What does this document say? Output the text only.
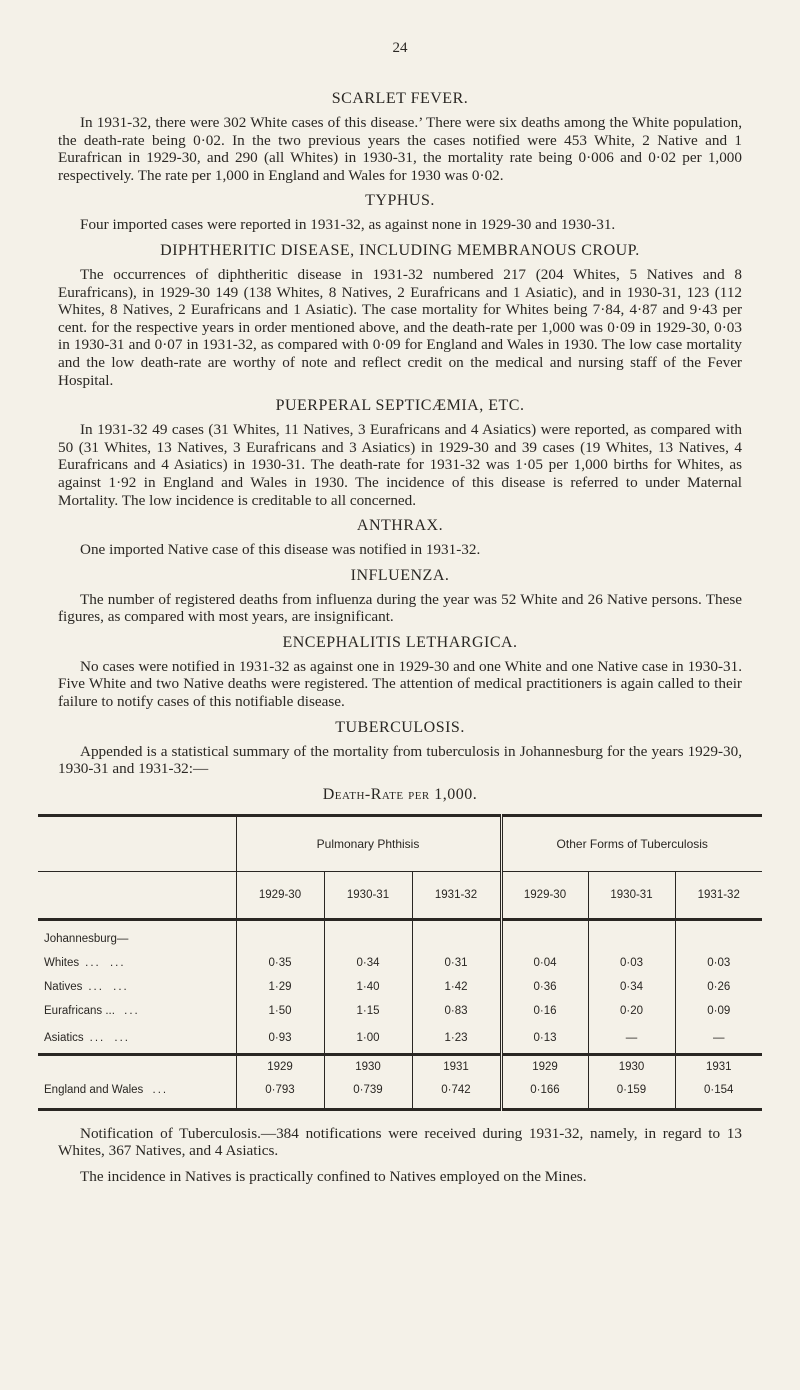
24
SCARLET FEVER.

In 1931-32, there were 302 White cases of this disease.’ There were six deaths among the White population, the death-rate being 0·02. In the two previous years the cases notified were 453 White, 2 Native and 1 Eurafrican in 1929-30, and 290 (all Whites) in 1930-31, the mortality rate being 0·006 and 0·02 per 1,000 respectively. The rate per 1,000 in England and Wales for 1930 was 0·02.

TYPHUS.

Four imported cases were reported in 1931-32, as against none in 1929-30 and 1930-31.

DIPHTHERITIC DISEASE, INCLUDING MEMBRANOUS CROUP.

The occurrences of diphtheritic disease in 1931-32 numbered 217 (204 Whites, 5 Natives and 8 Eurafricans), in 1929-30 149 (138 Whites, 8 Natives, 2 Eurafricans and 1 Asiatic), and in 1930-31, 123 (112 Whites, 8 Natives, 2 Eurafricans and 1 Asiatic). The case mortality for Whites being 7·84, 4·87 and 9·43 per cent. for the respective years in order mentioned above, and the death-rate per 1,000 was 0·09 in 1929-30, 0·03 in 1930-31 and 0·07 in 1931-32, as compared with 0·09 for England and Wales in 1930. The low case mortality and the low death-rate are worthy of note and reflect credit on the medical and nursing staff of the Fever Hospital.

PUERPERAL SEPTICÆMIA, ETC.

In 1931-32 49 cases (31 Whites, 11 Natives, 3 Eurafricans and 4 Asiatics) were reported, as compared with 50 (31 Whites, 13 Natives, 3 Eurafricans and 3 Asiatics) in 1929-30 and 39 cases (19 Whites, 13 Natives, 4 Eurafricans and 4 Asiatics) in 1930-31. The death-rate for 1931-32 was 1·05 per 1,000 births for Whites, as against 1·92 in England and Wales in 1930. The incidence of this disease is referred to under Maternal Mortality. The low incidence is creditable to all concerned.

ANTHRAX.

One imported Native case of this disease was notified in 1931-32.

INFLUENZA.

The number of registered deaths from influenza during the year was 52 White and 26 Native persons. These figures, as compared with most years, are insignificant.

ENCEPHALITIS LETHARGICA.

No cases were notified in 1931-32 as against one in 1929-30 and one White and one Native case in 1930-31. Five White and two Native deaths were registered. The attention of medical practitioners is again called to their failure to notify cases of this notifiable disease.

TUBERCULOSIS.

Appended is a statistical summary of the mortality from tuberculosis in Johannesburg for the years 1929-30, 1930-31 and 1931-32:—

Death-Rate per 1,000.
	Pulmonary Phthisis			Other Forms of Tuberculosis		
	1929-30	1930-31	1931-32	1929-30	1930-31	1931-32
Johannesburg—						
Whites ... ...	0·35	0·34	0·31	0·04	0·03	0·03
Natives ... ...	1·29	1·40	1·42	0·36	0·34	0·26
Eurafricans ... ...	1·50	1·15	0·83	0·16	0·20	0·09
Asiatics ... ...	0·93	1·00	1·23	0·13	—	—
	1929	1930	1931	1929	1930	1931
England and Wales ...	0·793	0·739	0·742	0·166	0·159	0·154

Notification of Tuberculosis.—384 notifications were received during 1931-32, namely, in regard to 13 Whites, 367 Natives, and 4 Asiatics.

The incidence in Natives is practically confined to Natives employed on the Mines.
